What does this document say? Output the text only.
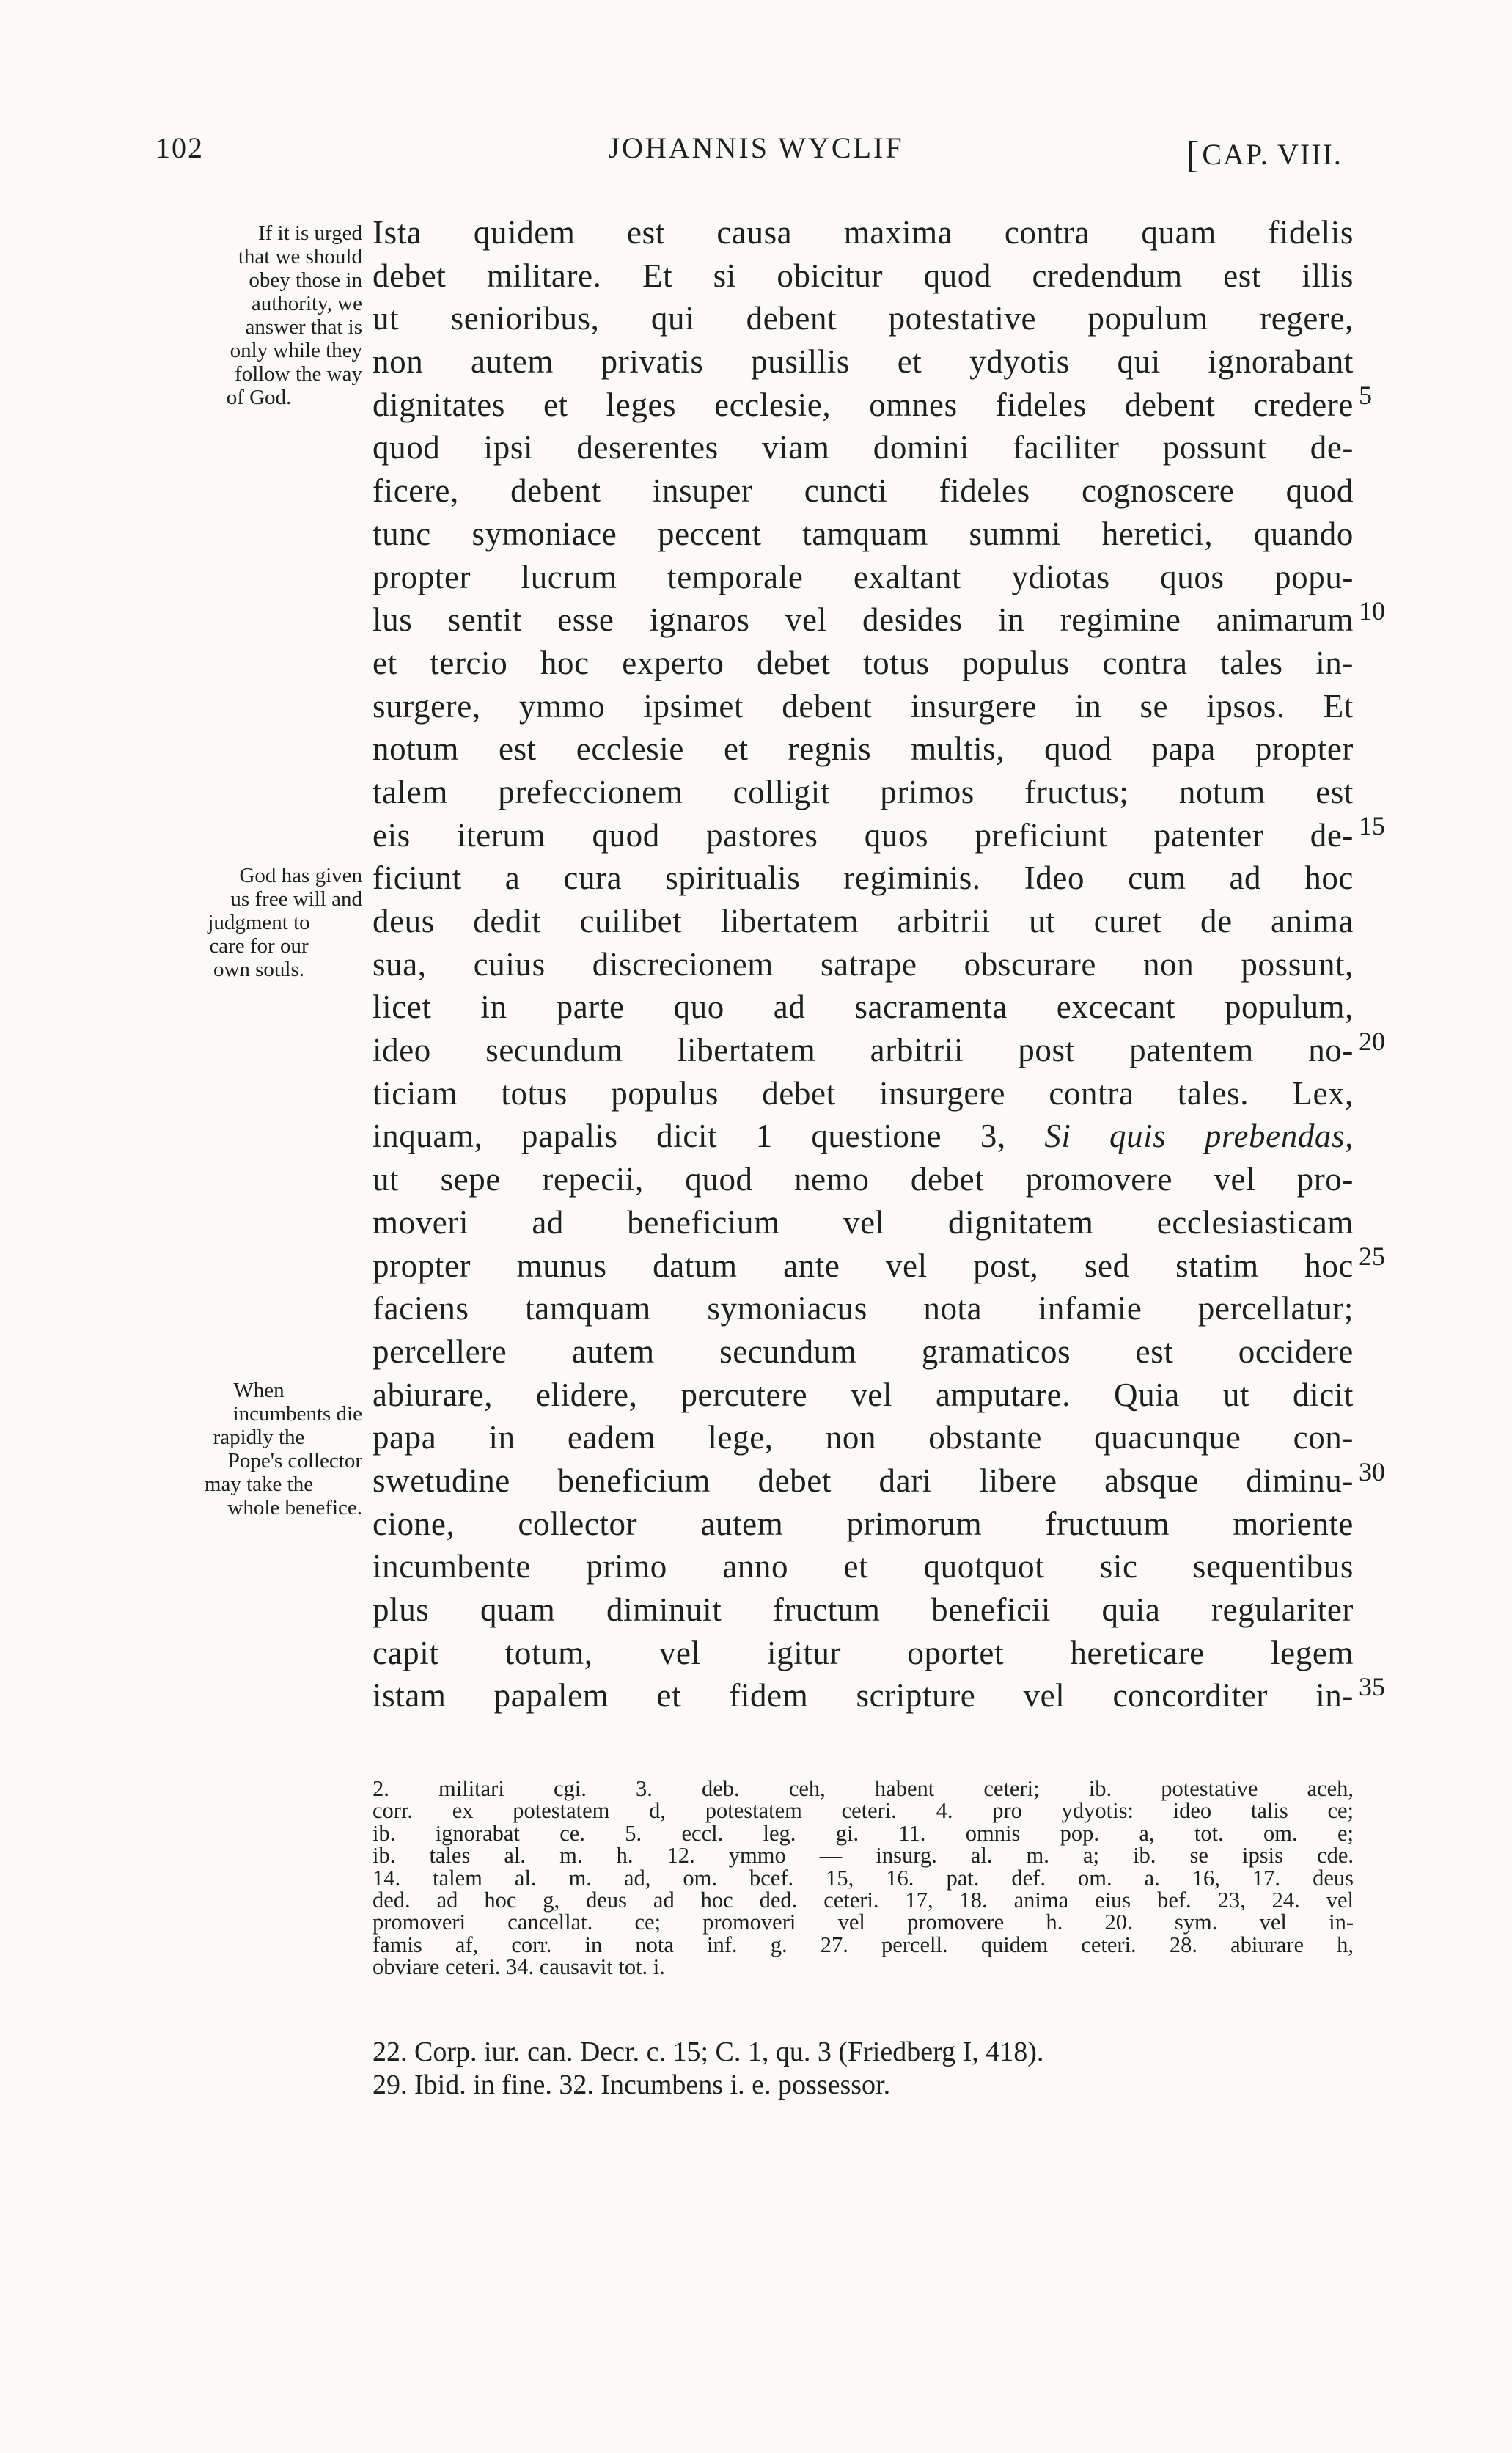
102	JOHANNIS WYCLIF	[CAP. VIII.
If it is urged
that we should
obey those in
authority, we
answer that is
only while they
follow the way
of God.
God has given
us free will and
judgment to
care for our
own souls.
When
incumbents die
rapidly the
Pope's collector
may take the
whole benefice.
Ista quidem est causa maxima contra quam fidelis
debet militare. Et si obicitur quod credendum est illis
ut senioribus, qui debent potestative populum regere,
non autem privatis pusillis et ydyotis qui ignorabant
dignitates et leges ecclesie, omnes fideles debent credere
quod ipsi deserentes viam domini faciliter possunt de-
ficere, debent insuper cuncti fideles cognoscere quod
tunc symoniace peccent tamquam summi heretici, quando
propter lucrum temporale exaltant ydiotas quos popu-
lus sentit esse ignaros vel desides in regimine animarum
et tercio hoc experto debet totus populus contra tales in-
surgere, ymmo ipsimet debent insurgere in se ipsos. Et
notum est ecclesie et regnis multis, quod papa propter
talem prefeccionem colligit primos fructus; notum est
eis iterum quod pastores quos preficiunt patenter de-
ficiunt a cura spiritualis regiminis. Ideo cum ad hoc
deus dedit cuilibet libertatem arbitrii ut curet de anima
sua, cuius discrecionem satrape obscurare non possunt,
licet in parte quo ad sacramenta excecant populum,
ideo secundum libertatem arbitrii post patentem no-
ticiam totus populus debet insurgere contra tales. Lex,
inquam, papalis dicit 1 questione 3, Si quis prebendas,
ut sepe repecii, quod nemo debet promovere vel pro-
moveri ad beneficium vel dignitatem ecclesiasticam
propter munus datum ante vel post, sed statim hoc
faciens tamquam symoniacus nota infamie percellatur;
percellere autem secundum gramaticos est occidere
abiurare, elidere, percutere vel amputare. Quia ut dicit
papa in eadem lege, non obstante quacunque con-
swetudine beneficium debet dari libere absque diminu-
cione, collector autem primorum fructuum moriente
incumbente primo anno et quotquot sic sequentibus
plus quam diminuit fructum beneficii quia regulariter
capit totum, vel igitur oportet hereticare legem
istam papalem et fidem scripture vel concorditer in-
5
10
15
20
25
30
35
2. militari cgi. 3. deb. ceh, habent ceteri; ib. potestative aceh,
corr. ex potestatem d, potestatem ceteri. 4. pro ydyotis: ideo talis ce;
ib. ignorabat ce. 5. eccl. leg. gi. 11. omnis pop. a, tot. om. e;
ib. tales al. m. h. 12. ymmo — insurg. al. m. a; ib. se ipsis cde.
14. talem al. m. ad, om. bcef. 15, 16. pat. def. om. a. 16, 17. deus
ded. ad hoc g, deus ad hoc ded. ceteri. 17, 18. anima eius bef. 23, 24. vel
promoveri cancellat. ce; promoveri vel promovere h. 20. sym. vel in-
famis af, corr. in nota inf. g. 27. percell. quidem ceteri. 28. abiurare h,
obviare ceteri. 34. causavit tot. i.
22. Corp. iur. can. Decr. c. 15; C. 1, qu. 3 (Friedberg I, 418).
29. Ibid. in fine. 32. Incumbens i. e. possessor.
